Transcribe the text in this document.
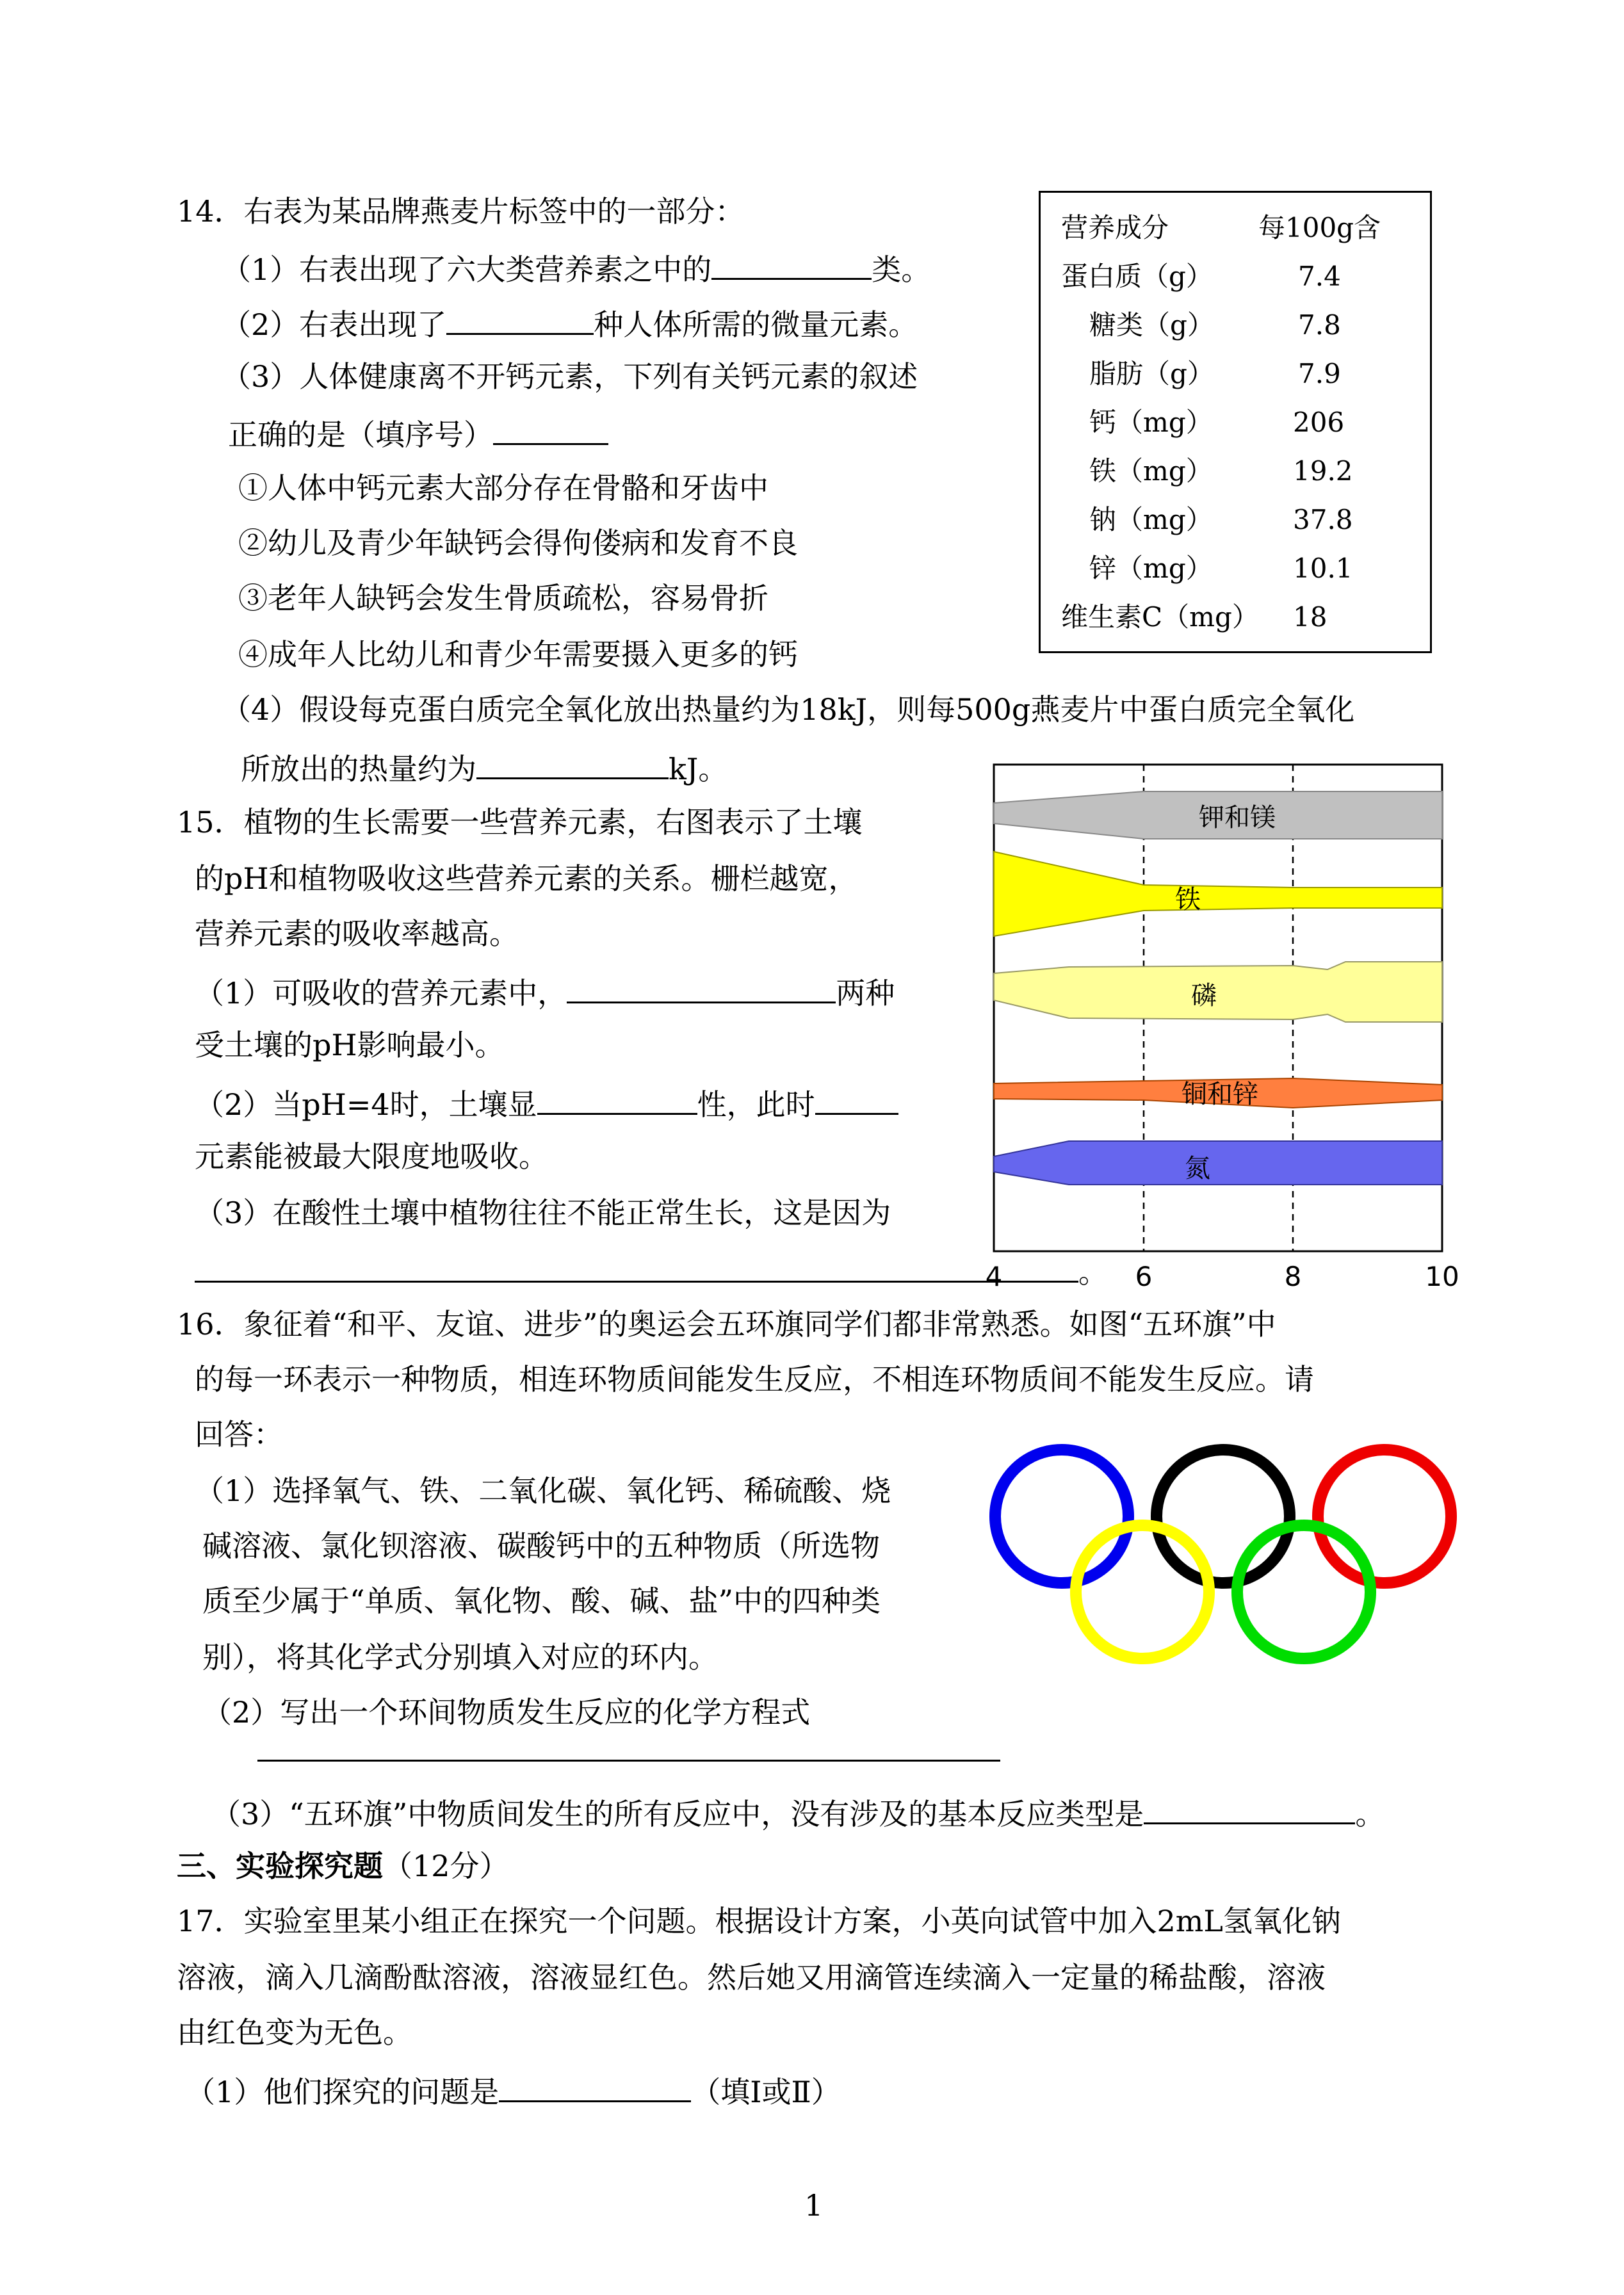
14．右表为某品牌燕麦片标签中的一部分：
（1）右表出现了六大类营养素之中的	类。
（2）右表出现了	种人体所需的微量元素。
（3）人体健康离不开钙元素，下列有关钙元素的叙述
正确的是（填序号）
①人体中钙元素大部分存在骨骼和牙齿中
②幼儿及青少年缺钙会得佝偻病和发育不良
③老年人缺钙会发生骨质疏松，容易骨折
④成年人比幼儿和青少年需要摄入更多的钙
（4）假设每克蛋白质完全氧化放出热量约为18kJ，则每500g燕麦片中蛋白质完全氧化
所放出的热量约为	kJ。
营养成分	每100g含
蛋白质（g）	7.4
糖类（g）	7.8
脂肪（g）	7.9
钙（mg）	206
铁（mg）	19.2
钠（mg）	37.8
锌（mg）	10.1
维生素C（mg） 18
15．植物的生长需要一些营养元素，右图表示了土壤
的pH和植物吸收这些营养元素的关系。栅栏越宽，
营养元素的吸收率越高。
（1）可吸收的营养元素中，	两种
受土壤的pH影响最小。
（2）当pH=4时，土壤显	性，此时
元素能被最大限度地吸收。
（3）在酸性土壤中植物往往不能正常生长，这是因为
。
钾和镁
铁
磷
铜和锌
氮
4	6	8	10
16．象征着“和平、友谊、进步”的奥运会五环旗同学们都非常熟悉。如图“五环旗”中
的每一环表示一种物质，相连环物质间能发生反应，不相连环物质间不能发生反应。请
回答：
（1）选择氧气、铁、二氧化碳、氧化钙、稀硫酸、烧
碱溶液、氯化钡溶液、碳酸钙中的五种物质（所选物
质至少属于“单质、氧化物、酸、碱、盐”中的四种类
别），将其化学式分别填入对应的环内。
（2）写出一个环间物质发生反应的化学方程式
（3）“五环旗”中物质间发生的所有反应中，没有涉及的基本反应类型是	。
三、实验探究题（12分）
17．实验室里某小组正在探究一个问题。根据设计方案，小英向试管中加入2mL氢氧化钠
溶液，滴入几滴酚酞溶液，溶液显红色。然后她又用滴管连续滴入一定量的稀盐酸，溶液
由红色变为无色。
（1）他们探究的问题是	（填Ⅰ或Ⅱ）
1
